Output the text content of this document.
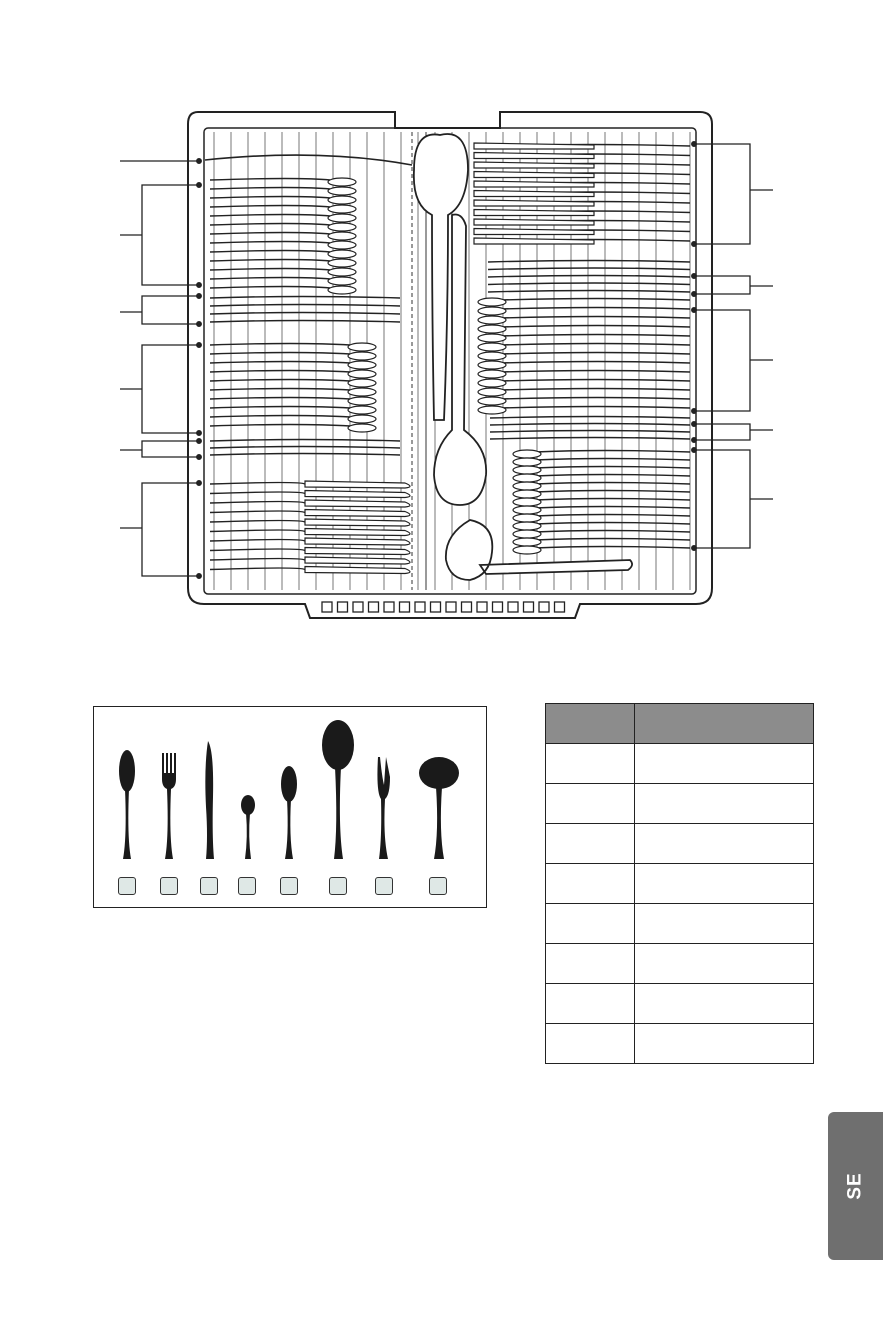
SE
